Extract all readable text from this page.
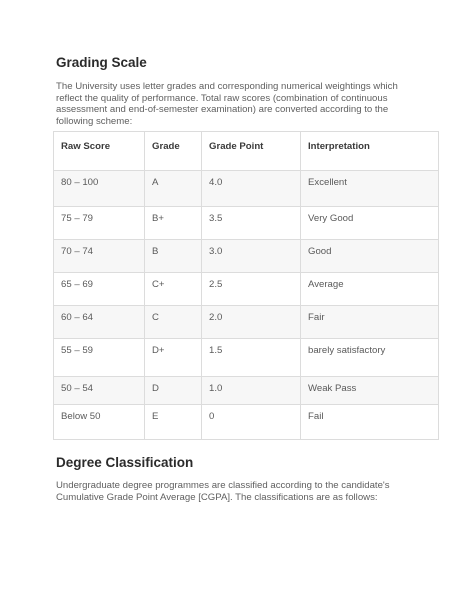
Grading Scale

The University uses letter grades and corresponding numerical weightings which reflect the quality of performance. Total raw scores (combination of continuous assessment and end-of-semester examination) are converted according to the following scheme:

Raw Score	Grade	Grade Point	Interpretation
80 – 100	A	4.0	Excellent
75 – 79	B+	3.5	Very Good
70 – 74	B	3.0	Good
65 – 69	C+	2.5	Average
60 – 64	C	2.0	Fair
55 – 59	D+	1.5	barely satisfactory
50 – 54	D	1.0	Weak Pass
Below 50	E	0	Fail
Degree Classification

Undergraduate degree programmes are classified according to the candidate's Cumulative Grade Point Average [CGPA]. The classifications are as follows:
